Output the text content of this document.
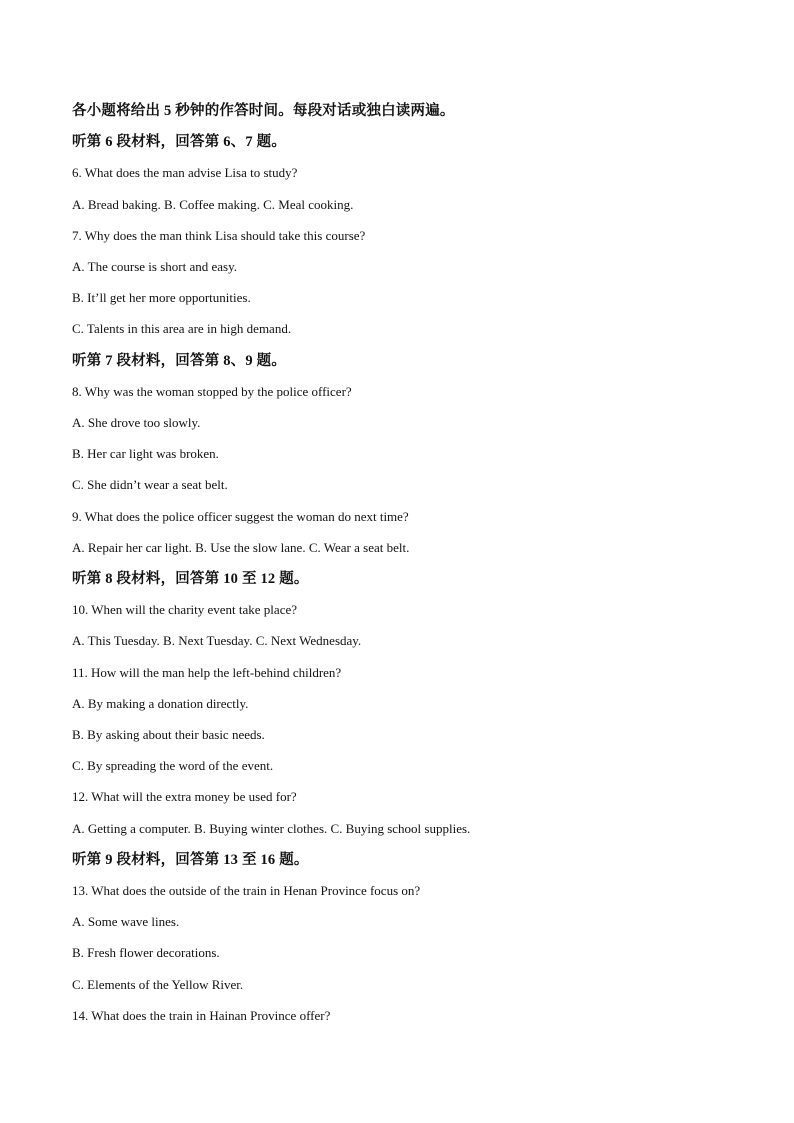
各小题将给出 5 秒钟的作答时间。每段对话或独白读两遍。
听第 6 段材料，回答第 6、7 题。
6. What does the man advise Lisa to study?
A. Bread baking. B. Coffee making. C. Meal cooking.
7. Why does the man think Lisa should take this course?
A. The course is short and easy.
B. It’ll get her more opportunities.
C. Talents in this area are in high demand.
听第 7 段材料，回答第 8、9 题。
8. Why was the woman stopped by the police officer?
A. She drove too slowly.
B. Her car light was broken.
C. She didn’t wear a seat belt.
9. What does the police officer suggest the woman do next time?
A. Repair her car light. B. Use the slow lane. C. Wear a seat belt.
听第 8 段材料，回答第 10 至 12 题。
10. When will the charity event take place?
A. This Tuesday. B. Next Tuesday. C. Next Wednesday.
11. How will the man help the left-behind children?
A. By making a donation directly.
B. By asking about their basic needs.
C. By spreading the word of the event.
12. What will the extra money be used for?
A. Getting a computer. B. Buying winter clothes. C. Buying school supplies.
听第 9 段材料，回答第 13 至 16 题。
13. What does the outside of the train in Henan Province focus on?
A. Some wave lines.
B. Fresh flower decorations.
C. Elements of the Yellow River.
14. What does the train in Hainan Province offer?
